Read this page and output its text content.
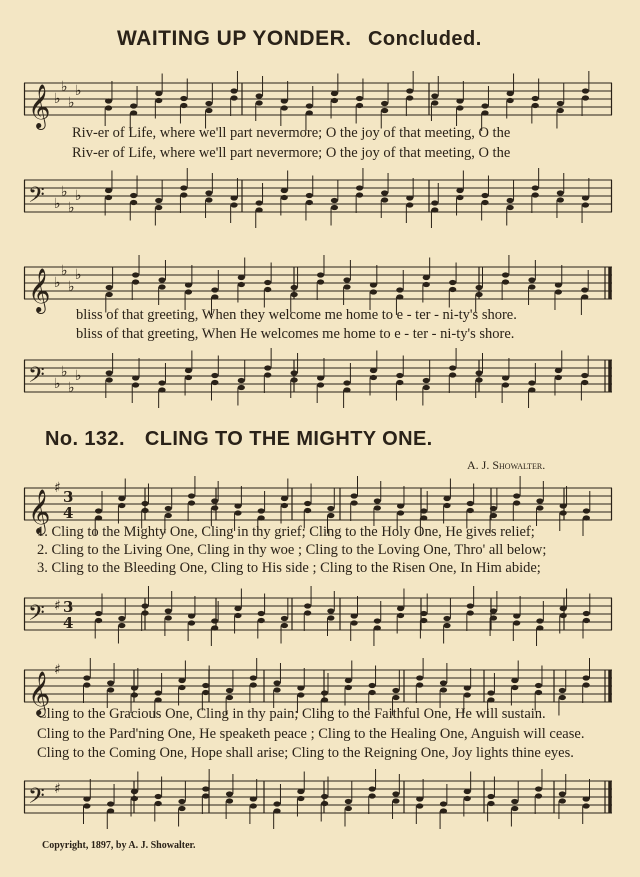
WAITING UP YONDER. Concluded.
𝄞 ♭
♭
♭
♭
Riv-er of Life, where we'll part nevermore; O the joy of that meeting, O the
Riv-er of Life, where we'll part nevermore; O the joy of that meeting, O the
𝄢 ♭
♭
♭
♭
𝄞 ♭
♭
♭
♭
bliss of that greeting, When they welcome me home to e - ter - ni-ty's shore.
bliss of that greeting, When He welcomes me home to e - ter - ni-ty's shore.
𝄢 ♭
♭
♭
♭
No. 132. CLING TO THE MIGHTY ONE.
A. J. Showalter.
𝄞
♯ 3
4
1. Cling to the Mighty One, Cling in thy grief; Cling to the Holy One, He gives relief;
2. Cling to the Living One, Cling in thy woe ; Cling to the Loving One, Thro' all below;
3. Cling to the Bleeding One, Cling to His side ; Cling to the Risen One, In Him abide;
𝄢 ♯ 3
4
𝄞
♯
Cling to the Gracious One, Cling in thy pain; Cling to the Faithful One, He will sustain.
Cling to the Pard'ning One, He speaketh peace ; Cling to the Healing One, Anguish will cease.
Cling to the Coming One, Hope shall arise; Cling to the Reigning One, Joy lights thine eyes.
𝄢 ♯
Copyright, 1897, by A. J. Showalter.
